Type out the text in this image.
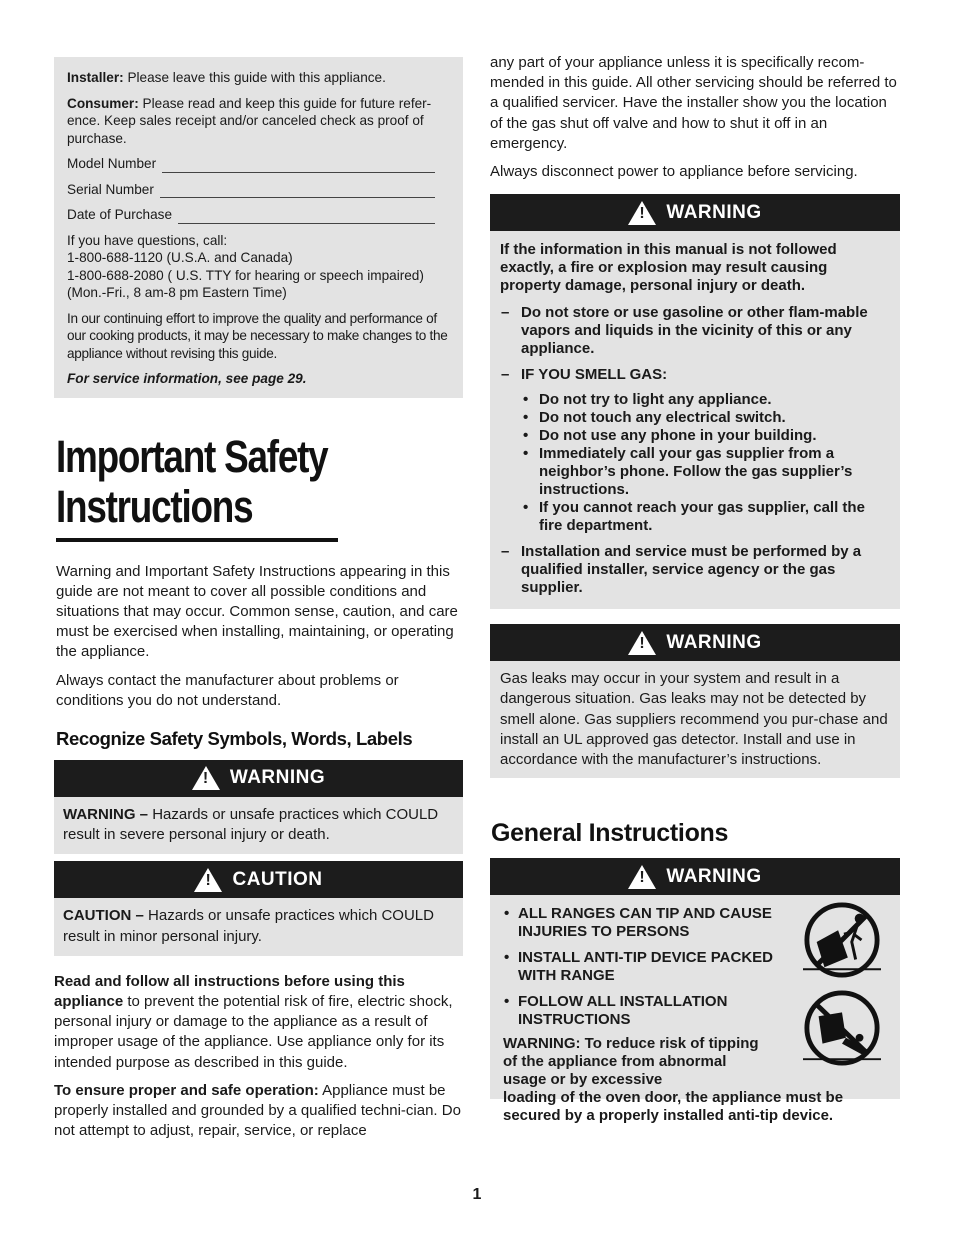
Installer: Please leave this guide with this appliance.

Consumer: Please read and keep this guide for future refer-ence. Keep sales receipt and/or canceled check as proof of purchase.

Model Number
Serial Number
Date of Purchase

If you have questions, call:
1-800-688-1120 (U.S.A. and Canada)
1-800-688-2080 ( U.S. TTY for hearing or speech impaired) (Mon.-Fri., 8 am-8 pm Eastern Time)

In our continuing effort to improve the quality and performance of our cooking products, it may be necessary to make changes to the appliance without revising this guide.

For service information, see page 29.

Important Safety
Instructions

Warning and Important Safety Instructions appearing in this guide are not meant to cover all possible conditions and situations that may occur. Common sense, caution, and care must be exercised when installing, maintaining, or operating the appliance.

Always contact the manufacturer about problems or conditions you do not understand.

Recognize Safety Symbols, Words, Labels
! WARNING
WARNING – Hazards or unsafe practices which COULD result in severe personal injury or death.
! CAUTION
CAUTION – Hazards or unsafe practices which COULD result in minor personal injury.

Read and follow all instructions before using this appliance to prevent the potential risk of fire, electric shock, personal injury or damage to the appliance as a result of improper usage of the appliance. Use appliance only for its intended purpose as described in this guide.

To ensure proper and safe operation: Appliance must be properly installed and grounded by a qualified techni-cian. Do not attempt to adjust, repair, service, or replace

any part of your appliance unless it is specifically recom-mended in this guide. All other servicing should be referred to a qualified servicer. Have the installer show you the location of the gas shut off valve and how to shut it off in an emergency.

Always disconnect power to appliance before servicing.

! WARNING

If the information in this manual is not followed exactly, a fire or explosion may result causing property damage, personal injury or death.

– Do not store or use gasoline or other flam-mable vapors and liquids in the vicinity of this or any appliance.
– IF YOU SMELL GAS:
• Do not try to light any appliance.
• Do not touch any electrical switch.
• Do not use any phone in your building.
• Immediately call your gas supplier from a neighbor’s phone. Follow the gas supplier’s instructions.
• If you cannot reach your gas supplier, call the fire department.
– Installation and service must be performed by a qualified installer, service agency or the gas supplier.
! WARNING
Gas leaks may occur in your system and result in a dangerous situation. Gas leaks may not be detected by smell alone. Gas suppliers recommend you pur-chase and install an UL approved gas detector. Install and use in accordance with the manufacturer’s instructions.
General Instructions
! WARNING
• ALL RANGES CAN TIP AND CAUSE INJURIES TO PERSONS
• INSTALL ANTI-TIP DEVICE PACKED WITH RANGE
• FOLLOW ALL INSTALLATION INSTRUCTIONS

WARNING: To reduce risk of tipping of the appliance from abnormal usage or by excessive
loading of the oven door, the appliance must be secured by a properly installed anti-tip device.

1
